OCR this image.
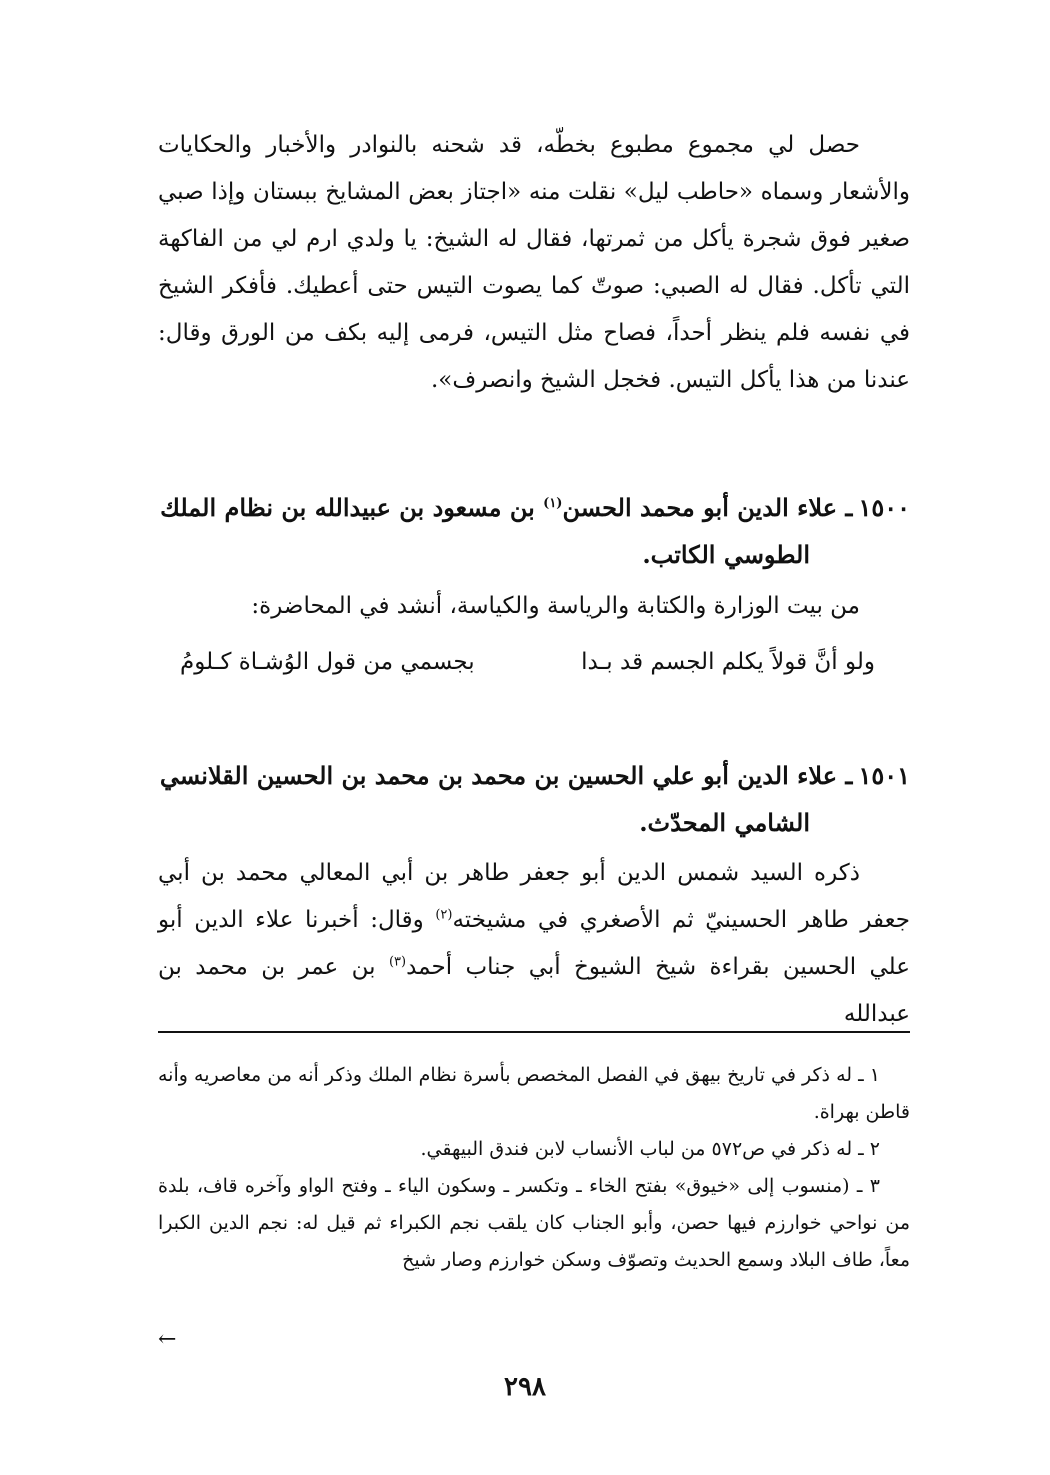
حصل لي مجموع مطبوع بخطّه، قد شحنه بالنوادر والأخبار والحكايات والأشعار وسماه «حاطب ليل» نقلت منه «اجتاز بعض المشايخ ببستان وإذا صبي صغير فوق شجرة يأكل من ثمرتها، فقال له الشيخ: يا ولدي ارم لي من الفاكهة التي تأكل. فقال له الصبي: صوتّ كما يصوت التيس حتى أعطيك. فأفكر الشيخ في نفسه فلم ينظر أحداً، فصاح مثل التيس، فرمى إليه بكف من الورق وقال: عندنا من هذا يأكل التيس. فخجل الشيخ وانصرف».

١٥٠٠ـ علاء الدين أبو محمد الحسن$^{(١)}$ بن مسعود بن عبيدالله بن نظام الملك

الطوسي الكاتب.

من بيت الوزارة والكتابة والرياسة والكياسة، أنشد في المحاضرة:

ولو أنَّ قولاً يكلم الجسم قد بـدا
بجسمي من قول الوُشـاة كـلومُ

١٥٠١ـ علاء الدين أبو علي الحسين بن محمد بن محمد بن الحسين القلانسي

الشامي المحدّث.

ذكره السيد شمس الدين أبو جعفر طاهر بن أبي المعالي محمد بن أبي جعفر طاهر الحسينيّ ثم الأصغري في مشيخته$^{(٢)}$ وقال: أخبرنا علاء الدين أبو علي الحسين بقراءة شيخ الشيوخ أبي جناب أحمد$^{(٣)}$ بن عمر بن محمد بن عبدالله

١ ـ له ذكر في تاريخ بيهق في الفصل المخصص بأسرة نظام الملك وذكر أنه من معاصريه وأنه قاطن بهراة.

٢ ـ له ذكر في ص٥٧٢ من لباب الأنساب لابن فندق البيهقي.

٣ ـ (منسوب إلى «خيوق» بفتح الخاء ـ وتكسر ـ وسكون الياء ـ وفتح الواو وآخره قاف، بلدة من نواحي خوارزم فيها حصن، وأبو الجناب كان يلقب نجم الكبراء ثم قيل له: نجم الدين الكبرا معاً، طاف البلاد وسمع الحديث وتصوّف وسكن خوارزم وصار شيخ

←
٢٩٨
